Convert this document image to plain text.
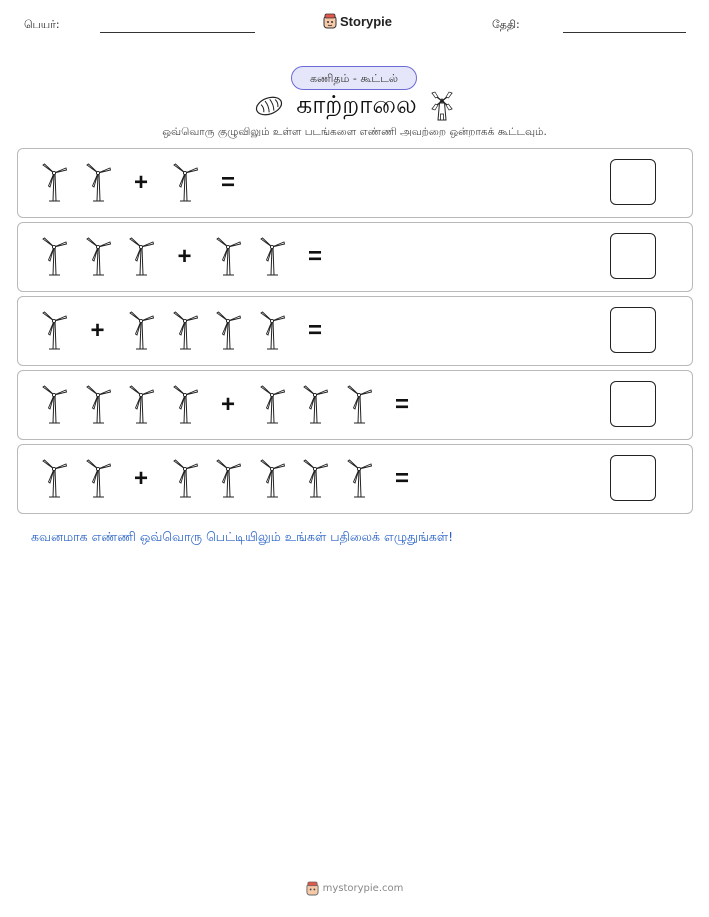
பெயர்:	Storypie	தேதி:
கணிதம் - கூட்டல்
காற்றாலை
ஒவ்வொரு குழுவிலும் உள்ள படங்களை எண்ணி அவற்றை ஒன்றாகக் கூட்டவும்.
+	=
+	=
+	=
+	=
+	=
கவனமாக எண்ணி ஒவ்வொரு பெட்டியிலும் உங்கள் பதிலைக் எழுதுங்கள்!
mystorypie.com
